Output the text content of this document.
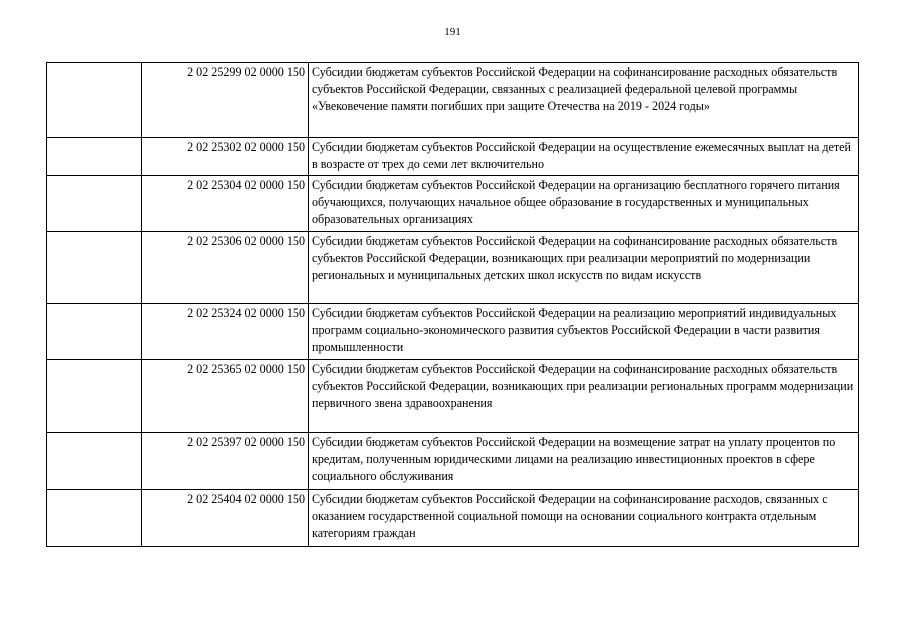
191
	2 02 25299 02 0000 150	Субсидии бюджетам субъектов Российской Федерации на софинансирование расходных обязательств субъектов Российской Федерации, связанных с реализацией федеральной целевой программы «Увековечение памяти погибших при защите Отечества на 2019 - 2024 годы»
	2 02 25302 02 0000 150	Субсидии бюджетам субъектов Российской Федерации на осуществление ежемесячных выплат на детей в возрасте от трех до семи лет включительно
	2 02 25304 02 0000 150	Субсидии бюджетам субъектов Российской Федерации на организацию бесплатного горячего питания обучающихся, получающих начальное общее образование в государственных и муниципальных образовательных организациях
	2 02 25306 02 0000 150	Субсидии бюджетам субъектов Российской Федерации на софинансирование расходных обязательств субъектов Российской Федерации, возникающих при реализации мероприятий по модернизации региональных и муниципальных детских школ искусств по видам искусств
	2 02 25324 02 0000 150	Субсидии бюджетам субъектов Российской Федерации на реализацию мероприятий индивидуальных программ социально-экономического развития субъектов Российской Федерации в части развития промышленности
	2 02 25365 02 0000 150	Субсидии бюджетам субъектов Российской Федерации на софинансирование расходных обязательств субъектов Российской Федерации, возникающих при реализации региональных программ модернизации первичного звена здравоохранения
	2 02 25397 02 0000 150	Субсидии бюджетам субъектов Российской Федерации на возмещение затрат на уплату процентов по кредитам, полученным юридическими лицами на реализацию инвестиционных проектов в сфере социального обслуживания
	2 02 25404 02 0000 150	Субсидии бюджетам субъектов Российской Федерации на софинансирование расходов, связанных с оказанием государственной социальной помощи на основании социального контракта отдельным категориям граждан
